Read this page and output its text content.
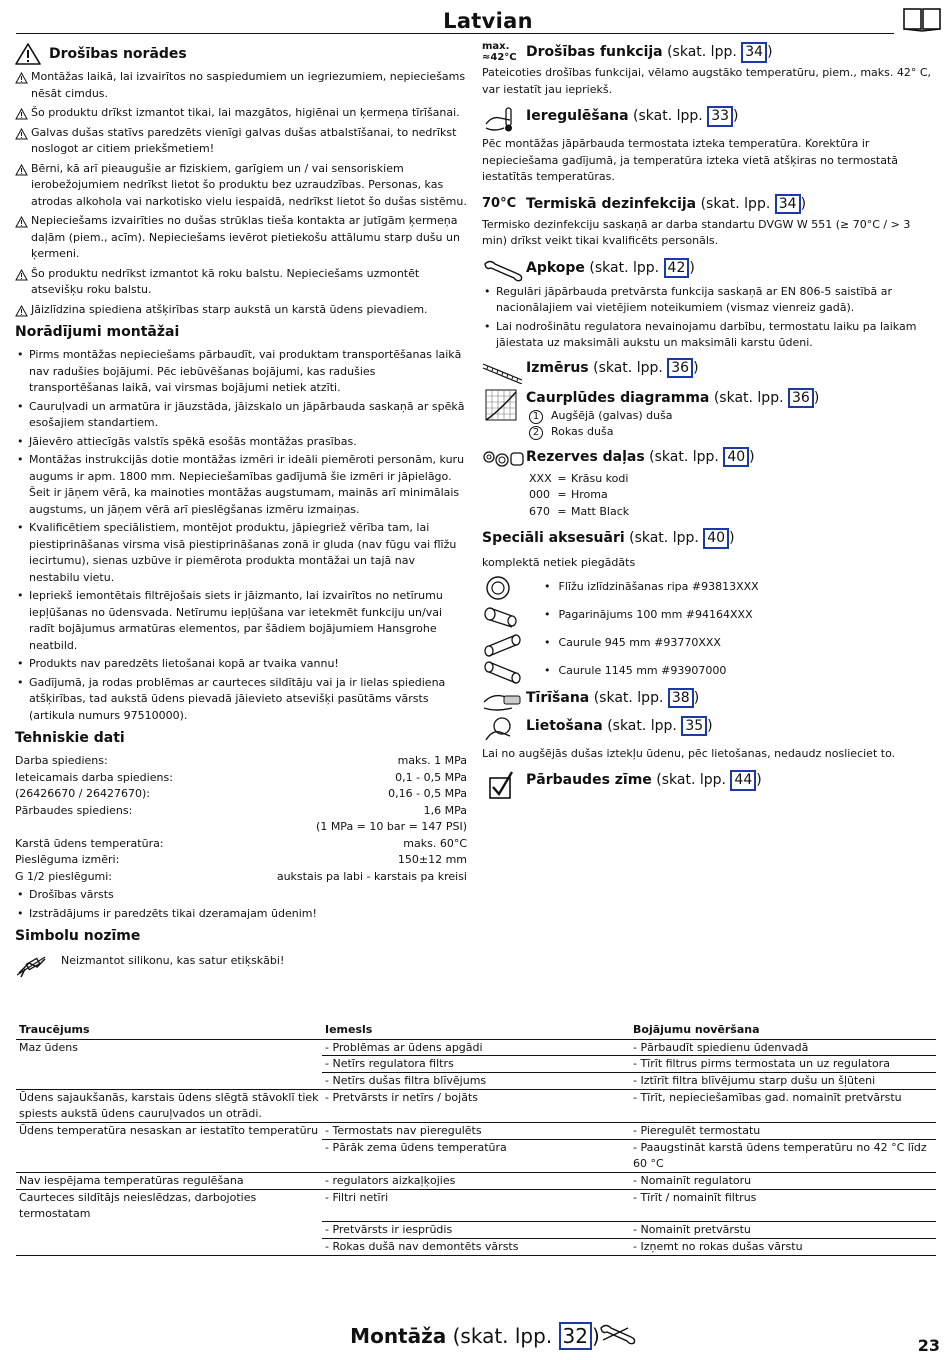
Latvian
Drošības norādes
Montāžas laikā, lai izvairītos no saspiedumiem un iegriezumiem, nepieciešams nēsāt cimdus.
Šo produktu drīkst izmantot tikai, lai mazgātos, higiēnai un ķermeņa tīrīšanai.
Galvas dušas statīvs paredzēts vienīgi galvas dušas atbalstīšanai, to nedrīkst noslogot ar citiem priekšmetiem!
Bērni, kā arī pieaugušie ar fiziskiem, garīgiem un / vai sensoriskiem ierobežojumiem nedrīkst lietot šo produktu bez uzraudzības. Personas, kas atrodas alkohola vai narkotisko vielu iespaidā, nedrīkst lietot šo dušas sistēmu.
Nepieciešams izvairīties no dušas strūklas tieša kontakta ar jutīgām ķermeņa daļām (piem., acīm). Nepieciešams ievērot pietiekošu attālumu starp dušu un ķermeni.
Šo produktu nedrīkst izmantot kā roku balstu. Nepieciešams uzmontēt atsevišķu roku balstu.
Jāizlīdzina spiediena atšķirības starp aukstā un karstā ūdens pievadiem.
Norādījumi montāžai
• Pirms montāžas nepieciešams pārbaudīt, vai produktam transportēšanas laikā nav radušies bojājumi. Pēc iebūvēšanas bojājumi, kas radušies transportēšanas laikā, vai virsmas bojājumi netiek atzīti.
• Cauruļvadi un armatūra ir jāuzstāda, jāizskalo un jāpārbauda saskaņā ar spēkā esošajiem standartiem.
• Jāievēro attiecīgās valstīs spēkā esošās montāžas prasības.
• Montāžas instrukcijās dotie montāžas izmēri ir ideāli piemēroti personām, kuru augums ir apm. 1800 mm. Nepieciešamības gadījumā šie izmēri ir jāpielāgo. Šeit ir jāņem vērā, ka mainoties montāžas augstumam, mainās arī minimālais augstums, un jāņem vērā arī pieslēgšanas izmēru izmaiņas.
• Kvalificētiem speciālistiem, montējot produktu, jāpiegriež vērība tam, lai piestiprināšanas virsma visā piestiprināšanas zonā ir gluda (nav fūgu vai flīžu iecirtumu), sienas uzbūve ir piemērota produkta montāžai un tajā nav nestabilu vietu.
• Iepriekš iemontētais filtrējošais siets ir jāizmanto, lai izvairītos no netīrumu iepļūšanas no ūdensvada. Netīrumu iepļūšana var ietekmēt funkciju un/vai radīt bojājumus armatūras elementos, par šādiem bojājumiem Hansgrohe neatbild.
• Produkts nav paredzēts lietošanai kopā ar tvaika vannu!
• Gadījumā, ja rodas problēmas ar caurteces sildītāju vai ja ir lielas spiediena atšķirības, tad aukstā ūdens pievadā jāievieto atsevišķi pasūtāms vārsts (artikula numurs 97510000).
Tehniskie dati
Darba spiediens:	maks. 1 MPa
Ieteicamais darba spiediens:	0,1 - 0,5 MPa
(26426670 / 26427670):	0,16 - 0,5 MPa
Pārbaudes spiediens:	1,6 MPa
(1 MPa = 10 bar = 147 PSI)
Karstā ūdens temperatūra:	maks. 60°C
Pieslēguma izmēri:	150±12 mm
G 1/2 pieslēgumi:	aukstais pa labi - karstais pa kreisi
• Drošības vārsts
• Izstrādājums ir paredzēts tikai dzeramajam ūdenim!
Simbolu nozīme
Neizmantot silikonu, kas satur etiķskābi!
max.
≈42°C Drošības funkcija (skat. lpp. 34 )
Pateicoties drošības funkcijai, vēlamo augstāko temperatūru, piem., maks. 42° C, var iestatīt jau iepriekš.
Ieregulēšana (skat. lpp. 33 )
Pēc montāžas jāpārbauda termostata izteka temperatūra. Korektūra ir nepieciešama gadījumā, ja temperatūra izteka vietā atšķiras no termostatā iestatītās temperatūras.
70°C Termiskā dezinfekcija (skat. lpp. 34 )
Termisko dezinfekciju saskaņā ar darba standartu DVGW W 551 (≥ 70°C / > 3 min) drīkst veikt tikai kvalificēts personāls.
Apkope (skat. lpp. 42 )
• Regulāri jāpārbauda pretvārsta funkcija saskaņā ar EN 806-5 saistībā ar nacionālajiem vai vietējiem noteikumiem (vismaz vienreiz gadā).
• Lai nodrošinātu regulatora nevainojamu darbību, termostatu laiku pa laikam jāiestata uz maksimāli aukstu un maksimāli karstu ūdeni.
Izmērus (skat. lpp. 36 )
Caurplūdes diagramma (skat. lpp. 36 )
1 Augšējā (galvas) duša
2 Rokas duša
Rezerves daļas (skat. lpp. 40 )
XXX = Krāsu kodi
000 = Hroma
670 = Matt Black
Speciāli aksesuāri (skat. lpp. 40 )
komplektā netiek piegādāts
• Flīžu izlīdzināšanas ripa #93813XXX
• Pagarinājums 100 mm #94164XXX
• Caurule 945 mm #93770XXX
• Caurule 1145 mm #93907000
Tīrīšana (skat. lpp. 38 )
Lietošana (skat. lpp. 35 )
Lai no augšējās dušas iztekļu ūdenu, pēc lietošanas, nedaudz noslieciet to.
Pārbaudes zīme (skat. lpp. 44 )
Traucējums	Iemesls	Bojājumu novēršana
Maz ūdens	- Problēmas ar ūdens apgādi	- Pārbaudīt spiedienu ūdenvadā
	- Netīrs regulatora filtrs	- Tīrīt filtrus pirms termostata un uz regulatora
	- Netīrs dušas filtra blīvējums	- Iztīrīt filtra blīvējumu starp dušu un šļūteni
Ūdens sajaukšanās, karstais ūdens slēgtā stāvoklī tiek spiests aukstā ūdens cauruļvados un otrādi.	- Pretvārsts ir netīrs / bojāts	- Tīrīt, nepieciešamības gad. nomainīt pretvārstu
Ūdens temperatūra nesaskan ar iestatīto temperatūru	- Termostats nav pieregulēts	- Pieregulēt termostatu
	- Pārāk zema ūdens temperatūra	- Paaugstināt karstā ūdens temperatūru no 42 °C līdz 60 °C
Nav iespējama temperatūras regulēšana	- regulators aizkaļķojies	- Nomainīt regulatoru
Caurteces sildītājs neieslēdzas, darbojoties termostatam	- Filtri netīri	- Tīrīt / nomainīt filtrus
	- Pretvārsts ir iesprūdis	- Nomainīt pretvārstu
	- Rokas dušā nav demontēts vārsts	- Izņemt no rokas dušas vārstu
Montāža (skat. lpp. 32 )	23
